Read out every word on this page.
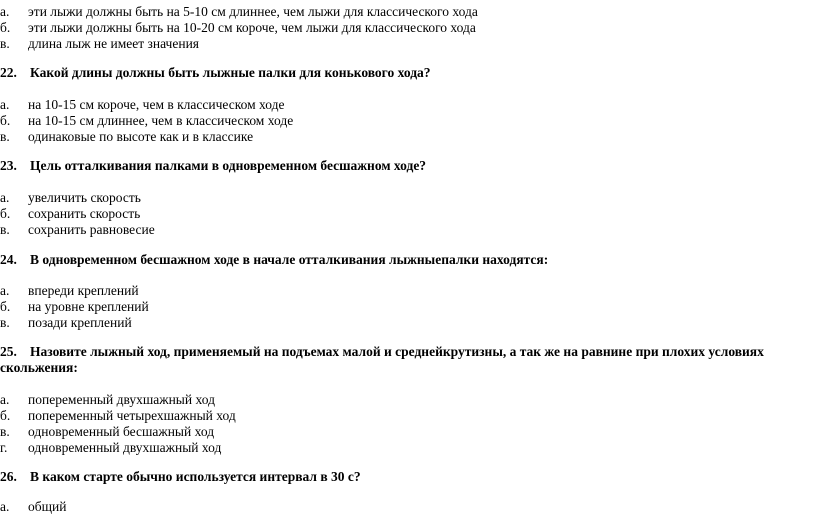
а. эти лыжи должны быть на 5-10 см длиннее, чем лыжи для классического хода
б. эти лыжи должны быть на 10-20 см короче, чем лыжи для классического хода
в. длина лыж не имеет значения
22. Какой длины должны быть лыжные палки для конькового хода?
а. на 10-15 см короче, чем в классическом ходе
б. на 10-15 см длиннее, чем в классическом ходе
в. одинаковые по высоте как и в классике
23. Цель отталкивания палками в одновременном бесшажном ходе?
а. увеличить скорость
б. сохранить скорость
в. сохранить равновесие
24. В одновременном бесшажном ходе в начале отталкивания лыжныепалки находятся:
а. впереди креплений
б. на уровне креплений
в. позади креплений
25. Назовите лыжный ход, применяемый на подъемах малой и среднейкрутизны, а так же на равнине при плохих условиях
скольжения:
а. попеременный двухшажный ход
б. попеременный четырехшажный ход
в. одновременный бесшажный ход
г. одновременный двухшажный ход
26. В каком старте обычно используется интервал в 30 с?
а. общий
